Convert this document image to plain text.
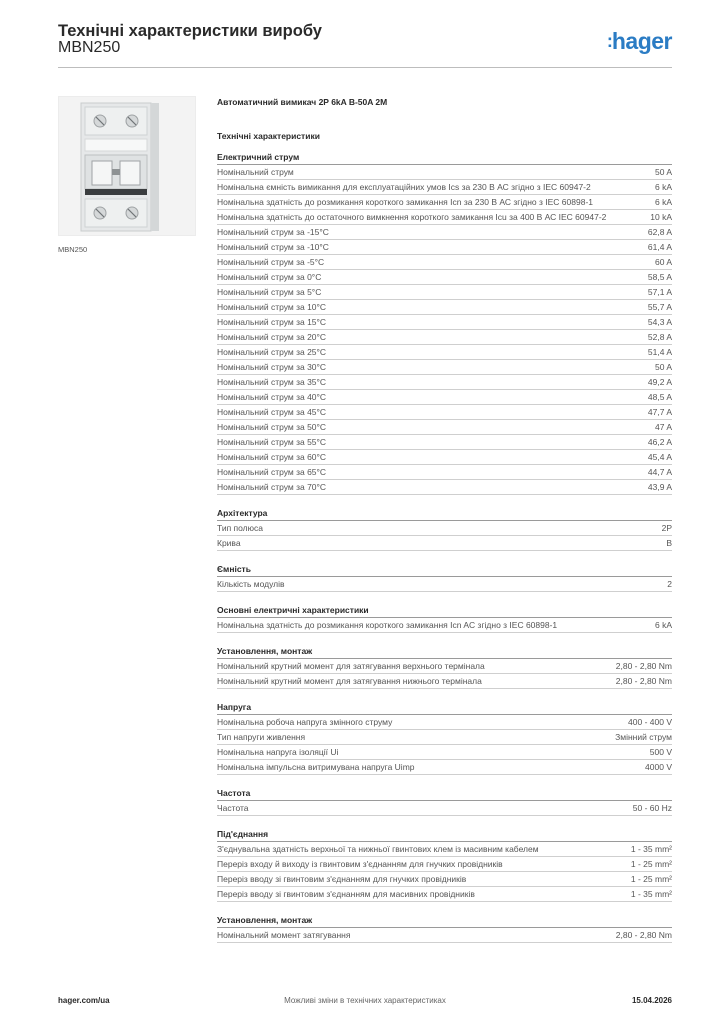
Технічні характеристики виробу
MBN250	:hager
MBN250
Автоматичний вимикач 2P 6kA B-50A 2M
Технічні характеристики
Електричний струм
Номінальний струм	50 A
Номінальна ємність вимикання для експлуатаційних умов Ics за 230 В АС згідно з IEC 60947-2	6 kA
Номінальна здатність до розмикання короткого замикання Icn за 230 В АС згідно з IEC 60898-1	6 kA
Номінальна здатність до остаточного вимкнення короткого замикання Icu за 400 В АС IEC 60947-2	10 kA
Номінальний струм за -15°C	62,8 A
Номінальний струм за -10°C	61,4 A
Номінальний струм за -5°C	60 A
Номінальний струм за 0°C	58,5 A
Номінальний струм за 5°C	57,1 A
Номінальний струм за 10°C	55,7 A
Номінальний струм за 15°C	54,3 A
Номінальний струм за 20°C	52,8 A
Номінальний струм за 25°C	51,4 A
Номінальний струм за 30°C	50 A
Номінальний струм за 35°C	49,2 A
Номінальний струм за 40°C	48,5 A
Номінальний струм за 45°C	47,7 A
Номінальний струм за 50°C	47 A
Номінальний струм за 55°C	46,2 A
Номінальний струм за 60°C	45,4 A
Номінальний струм за 65°C	44,7 A
Номінальний струм за 70°C	43,9 A
Архітектура
Тип полюса	2P
Крива	B
Ємність
Кількість модулів	2
Основні електричні характеристики
Номінальна здатність до розмикання короткого замикання Icn AC згідно з IEC 60898-1	6 kA
Установлення, монтаж
Номінальний крутний момент для затягування верхнього термінала	2,80 - 2,80 Nm
Номінальний крутний момент для затягування нижнього термінала	2,80 - 2,80 Nm
Напруга
Номінальна робоча напруга змінного струму	400 - 400 V
Тип напруги живлення	Змінний струм
Номінальна напруга ізоляції Ui	500 V
Номінальна імпульсна витримувана напруга Uimp	4000 V
Частота
Частота	50 - 60 Hz
Під'єднання
З'єднувальна здатність верхньої та нижньої гвинтових клем із масивним кабелем	1 - 35 mm²
Переріз входу й виходу із гвинтовим з'єднанням для гнучких провідників	1 - 25 mm²
Переріз вводу зі гвинтовим з'єднанням для гнучких провідників	1 - 25 mm²
Переріз вводу зі гвинтовим з'єднанням для масивних провідників	1 - 35 mm²
Установлення, монтаж
Номінальний момент затягування	2,80 - 2,80 Nm
hager.com/ua	Можливі зміни в технічних характеристиках	15.04.2026
